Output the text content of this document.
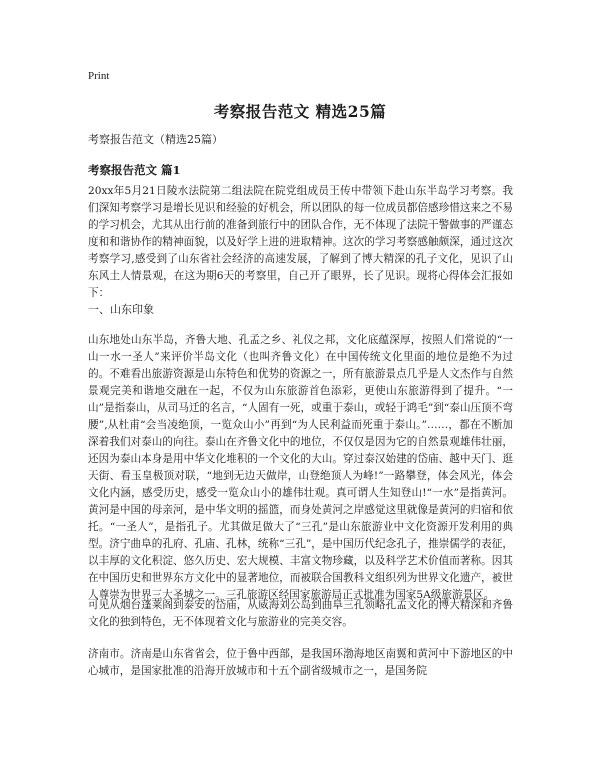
Print
考察报告范文 精选25篇
考察报告范文（精选25篇）
考察报告范文 篇1

20xx年5月21日陵水法院第二组法院在院党组成员王传中带领下赴山东半岛学习考察。我们深知考察学习是增长见识和经验的好机会，所以团队的每一位成员都倍感珍惜这来之不易的学习机会，尤其从出行前的准备到旅行中的团队合作，无不体现了法院干警做事的严谨态度和和谐协作的精神面貌，以及好学上进的进取精神。这次的学习考察感触颇深，通过这次考察学习,感受到了山东省社会经济的高速发展，了解到了博大精深的孔子文化，见识了山东风土人情景观，在这为期6天的考察里，自己开了眼界，长了见识。现将心得体会汇报如下：

一、山东印象

山东地处山东半岛，齐鲁大地、孔孟之乡、礼仪之邦，文化底蕴深厚，按照人们常说的“一山一水一圣人”来评价半岛文化（也叫齐鲁文化）在中国传统文化里面的地位是绝不为过的。不难看出旅游资源是山东特色和优势的资源之一，所有旅游景点几乎是人文杰作与自然景观完美和谐地交融在一起，不仅为山东旅游首色添彩，更使山东旅游得到了提升。“一山”是指泰山，从司马迁的名言，“人固有一死，或重于泰山，或轻于鸿毛”到“泰山压顶不弯腰”,从杜甫“会当凌绝顶，一览众山小”再到“为人民利益而死重于泰山。”……，都在不断加深着我们对泰山的向往。泰山在齐鲁文化中的地位，不仅仅是因为它的自然景观雄伟壮丽，还因为泰山本身是用中华文化堆积的一个文化的大山。穿过泰汉始建的岱庙、越中天门、逛天街、看玉皇极顶对联，“地到无边天做岸，山登绝顶人为峰!”一路攀登，体会风光，体会文化内涵，感受历史，感受一览众山小的雄伟壮观。真可谓人生知登山!“一水”是指黄河。黄河是中国的母亲河，是中华文明的摇篮，而身处黄河之岸感觉这里就像是黄河的归宿和依托。“一圣人”，是指孔子。尤其做足做大了“三孔”是山东旅游业中文化资源开发利用的典型。济宁曲阜的孔府、孔庙、孔林，统称“三孔”，是中国历代纪念孔子，推崇儒学的表征，以丰厚的文化积淀、悠久历史、宏大规模、丰富文物珍藏，以及科学艺术价值而著称。因其在中国历史和世界东方文化中的显著地位，而被联合国教科文组织列为世界文化遗产，被世人尊崇为世界三大圣城之一。三孔旅游区经国家旅游局正式批准为国家5A级旅游景区。

可见从烟台蓬莱阁到泰安的岱庙，从威海刘公岛到曲阜三孔领略孔孟文化的博大精深和齐鲁文化的独到特色，无不体现着文化与旅游业的完美交容。

济南市。济南是山东省省会，位于鲁中西部，是我国环渤海地区南翼和黄河中下游地区的中心城市，是国家批准的沿海开放城市和十五个副省级城市之一，是国务院
